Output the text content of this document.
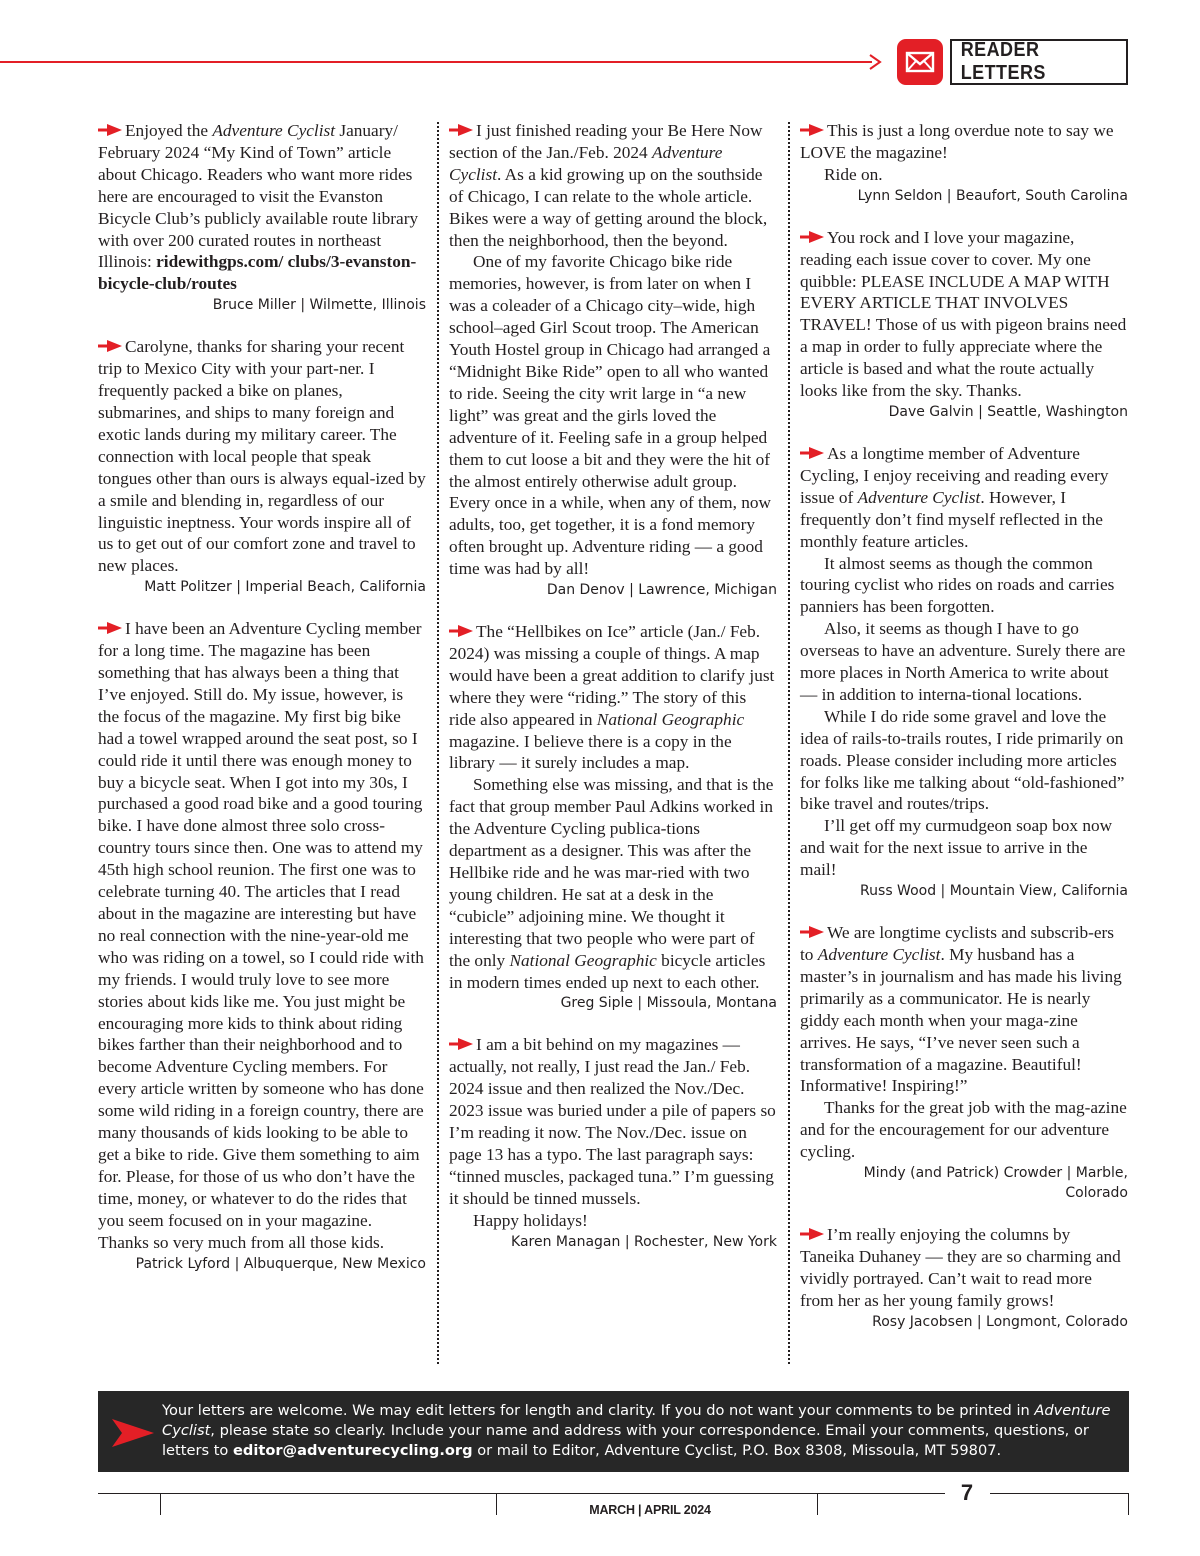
READER LETTERS

Enjoyed the Adventure Cyclist January/ February 2024 “My Kind of Town” article about Chicago. Readers who want more rides here are encouraged to visit the Evanston Bicycle Club’s publicly available route library with over 200 curated routes in northeast Illinois: ridewithgps.com/ clubs/3-evanston-bicycle-club/routes

Bruce Miller | Wilmette, Illinois

Carolyne, thanks for sharing your recent trip to Mexico City with your part-ner. I frequently packed a bike on planes, submarines, and ships to many foreign and exotic lands during my military career. The connection with local people that speak tongues other than ours is always equal-ized by a smile and blending in, regardless of our linguistic ineptness. Your words inspire all of us to get out of our comfort zone and travel to new places.

Matt Politzer | Imperial Beach, California

I have been an Adventure Cycling member for a long time. The magazine has been something that has always been a thing that I’ve enjoyed. Still do. My issue, however, is the focus of the magazine. My first big bike had a towel wrapped around the seat post, so I could ride it until there was enough money to buy a bicycle seat. When I got into my 30s, I purchased a good road bike and a good touring bike. I have done almost three solo cross-country tours since then. One was to attend my 45th high school reunion. The first one was to celebrate turning 40. The articles that I read about in the magazine are interesting but have no real connection with the nine-year-old me who was riding on a towel, so I could ride with my friends. I would truly love to see more stories about kids like me. You just might be encouraging more kids to think about riding bikes farther than their neighborhood and to become Adventure Cycling members. For every article written by someone who has done some wild riding in a foreign country, there are many thousands of kids looking to be able to get a bike to ride. Give them something to aim for. Please, for those of us who don’t have the time, money, or whatever to do the rides that you seem focused on in your magazine. Thanks so very much from all those kids.

Patrick Lyford | Albuquerque, New Mexico

I just finished reading your Be Here Now section of the Jan./Feb. 2024 Adventure Cyclist. As a kid growing up on the southside of Chicago, I can relate to the whole article. Bikes were a way of getting around the block, then the neighborhood, then the beyond.

One of my favorite Chicago bike ride memories, however, is from later on when I was a coleader of a Chicago city–wide, high school–aged Girl Scout troop. The American Youth Hostel group in Chicago had arranged a “Midnight Bike Ride” open to all who wanted to ride. Seeing the city writ large in “a new light” was great and the girls loved the adventure of it. Feeling safe in a group helped them to cut loose a bit and they were the hit of the almost entirely otherwise adult group. Every once in a while, when any of them, now adults, too, get together, it is a fond memory often brought up. Adventure riding — a good time was had by all!

Dan Denov | Lawrence, Michigan

The “Hellbikes on Ice” article (Jan./ Feb. 2024) was missing a couple of things. A map would have been a great addition to clarify just where they were “riding.” The story of this ride also appeared in National Geographic magazine. I believe there is a copy in the library — it surely includes a map.

Something else was missing, and that is the fact that group member Paul Adkins worked in the Adventure Cycling publica-tions department as a designer. This was after the Hellbike ride and he was mar-ried with two young children. He sat at a desk in the “cubicle” adjoining mine. We thought it interesting that two people who were part of the only National Geographic bicycle articles in modern times ended up next to each other.

Greg Siple | Missoula, Montana

I am a bit behind on my magazines — actually, not really, I just read the Jan./ Feb. 2024 issue and then realized the Nov./Dec. 2023 issue was buried under a pile of papers so I’m reading it now. The Nov./Dec. issue on page 13 has a typo. The last paragraph says: “tinned muscles, packaged tuna.” I’m guessing it should be tinned mussels.

Happy holidays!

Karen Managan | Rochester, New York

This is just a long overdue note to say we LOVE the magazine!

Ride on.

Lynn Seldon | Beaufort, South Carolina

You rock and I love your magazine, reading each issue cover to cover. My one quibble: PLEASE INCLUDE A MAP WITH EVERY ARTICLE THAT INVOLVES TRAVEL! Those of us with pigeon brains need a map in order to fully appreciate where the article is based and what the route actually looks like from the sky. Thanks.

Dave Galvin | Seattle, Washington

As a longtime member of Adventure Cycling, I enjoy receiving and reading every issue of Adventure Cyclist. However, I frequently don’t find myself reflected in the monthly feature articles.

It almost seems as though the common touring cyclist who rides on roads and carries panniers has been forgotten.

Also, it seems as though I have to go overseas to have an adventure. Surely there are more places in North America to write about — in addition to interna-tional locations.

While I do ride some gravel and love the idea of rails-to-trails routes, I ride primarily on roads. Please consider including more articles for folks like me talking about “old-fashioned” bike travel and routes/trips.

I’ll get off my curmudgeon soap box now and wait for the next issue to arrive in the mail!

Russ Wood | Mountain View, California

We are longtime cyclists and subscrib-ers to Adventure Cyclist. My husband has a master’s in journalism and has made his living primarily as a communicator. He is nearly giddy each month when your maga-zine arrives. He says, “I’ve never seen such a transformation of a magazine. Beautiful! Informative! Inspiring!”

Thanks for the great job with the mag-azine and for the encouragement for our adventure cycling.

Mindy (and Patrick) Crowder | Marble, Colorado

I’m really enjoying the columns by Taneika Duhaney — they are so charming and vividly portrayed. Can’t wait to read more from her as her young family grows!

Rosy Jacobsen | Longmont, Colorado
Your letters are welcome. We may edit letters for length and clarity. If you do not want your comments to be printed in Adventure Cyclist, please state so clearly. Include your name and address with your correspondence. Email your comments, questions, or letters to editor@adventurecycling.org or mail to Editor, Adventure Cyclist, P.O. Box 8308, Missoula, MT 59807.
7
MARCH | APRIL 2024
